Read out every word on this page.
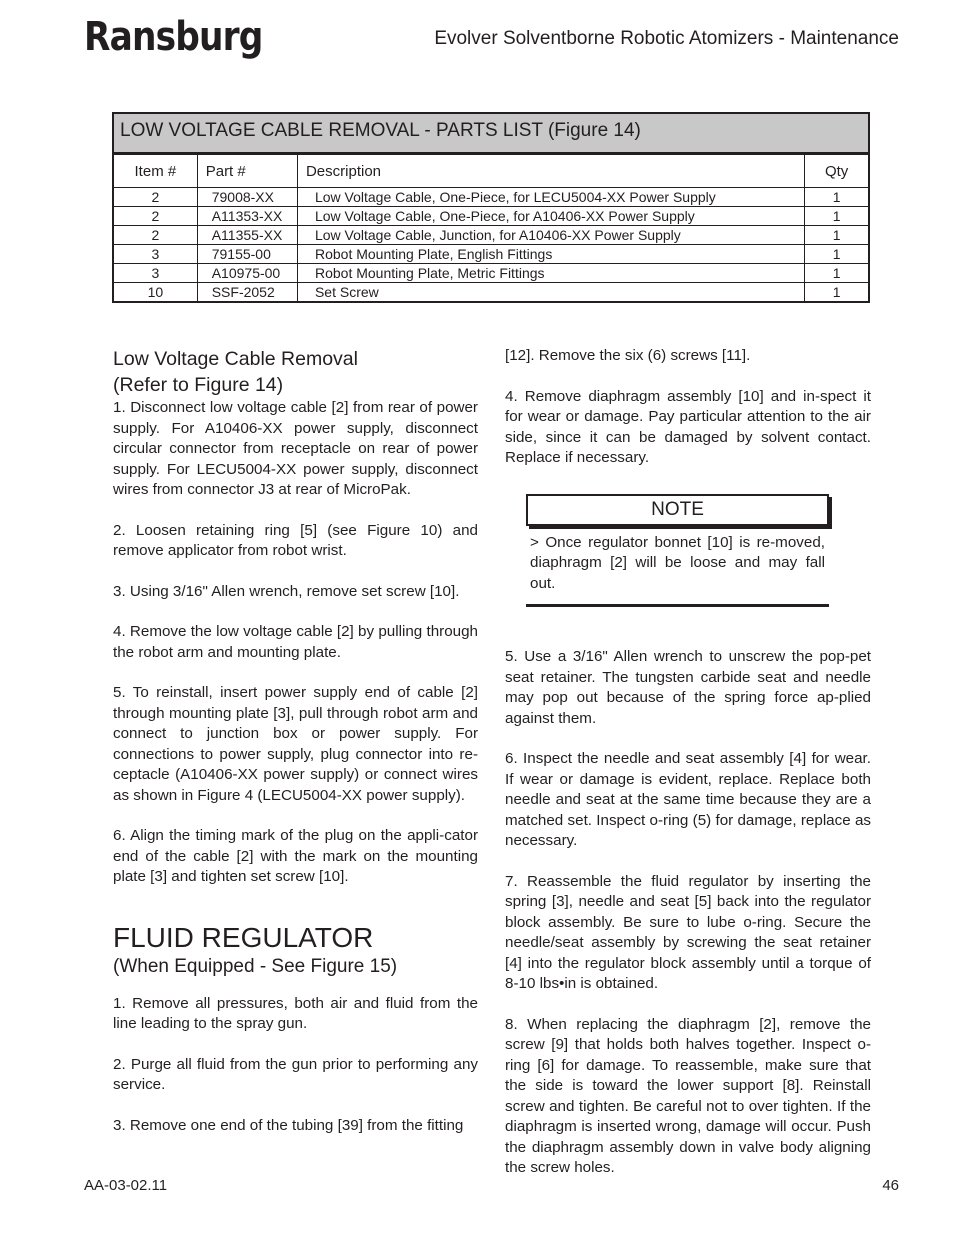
Ransburg	Evolver Solventborne Robotic Atomizers - Maintenance
LOW VOLTAGE CABLE REMOVAL - PARTS LIST (Figure 14)
Item #	Part #	Description	Qty
2	79008-XX	Low Voltage Cable, One-Piece, for LECU5004-XX Power Supply	1
2	A11353-XX	Low Voltage Cable, One-Piece, for A10406-XX Power Supply	1
2	A11355-XX	Low Voltage Cable, Junction, for A10406-XX Power Supply	1
3	79155-00	Robot Mounting Plate, English Fittings	1
3	A10975-00	Robot Mounting Plate, Metric Fittings	1
10	SSF-2052	Set Screw	1
Low Voltage Cable Removal
(Refer to Figure 14)

1. Disconnect low voltage cable [2] from rear of power supply. For A10406-XX power supply, disconnect circular connector from receptacle on rear of power supply. For LECU5004-XX power supply, disconnect wires from connector J3 at rear of MicroPak.

2. Loosen retaining ring [5] (see Figure 10) and remove applicator from robot wrist.

3. Using 3/16" Allen wrench, remove set screw [10].

4. Remove the low voltage cable [2] by pulling through the robot arm and mounting plate.

5. To reinstall, insert power supply end of cable [2] through mounting plate [3], pull through robot arm and connect to junction box or power supply. For connections to power supply, plug connector into re-ceptacle (A10406-XX power supply) or connect wires as shown in Figure 4 (LECU5004-XX power supply).

6. Align the timing mark of the plug on the appli-cator end of the cable [2] with the mark on the mounting plate [3] and tighten set screw [10].

FLUID REGULATOR
(When Equipped - See Figure 15)

1. Remove all pressures, both air and fluid from the line leading to the spray gun.

2. Purge all fluid from the gun prior to performing any service.

3. Remove one end of the tubing [39] from the fitting

[12]. Remove the six (6) screws [11].

4. Remove diaphragm assembly [10] and in-spect it for wear or damage. Pay particular attention to the air side, since it can be damaged by solvent contact. Replace if necessary.

NOTE
> Once regulator bonnet [10] is re-moved, diaphragm [2] will be loose and may fall out.

5. Use a 3/16" Allen wrench to unscrew the pop-pet seat retainer. The tungsten carbide seat and needle may pop out because of the spring force ap-plied against them.

6. Inspect the needle and seat assembly [4] for wear. If wear or damage is evident, replace. Replace both needle and seat at the same time because they are a matched set. Inspect o-ring (5) for damage, replace as necessary.

7. Reassemble the fluid regulator by inserting the spring [3], needle and seat [5] back into the regulator block assembly. Be sure to lube o-ring. Secure the needle/seat assembly by screwing the seat retainer [4] into the regulator block assembly until a torque of 8-10 lbs•in is obtained.

8. When replacing the diaphragm [2], remove the screw [9] that holds both halves together. Inspect o-ring [6] for damage. To reassemble, make sure that the side is toward the lower support [8]. Reinstall screw and tighten. Be careful not to over tighten. If the diaphragm is inserted wrong, damage will occur. Push the diaphragm assembly down in valve body aligning the screw holes.

AA-03-02.11	46
